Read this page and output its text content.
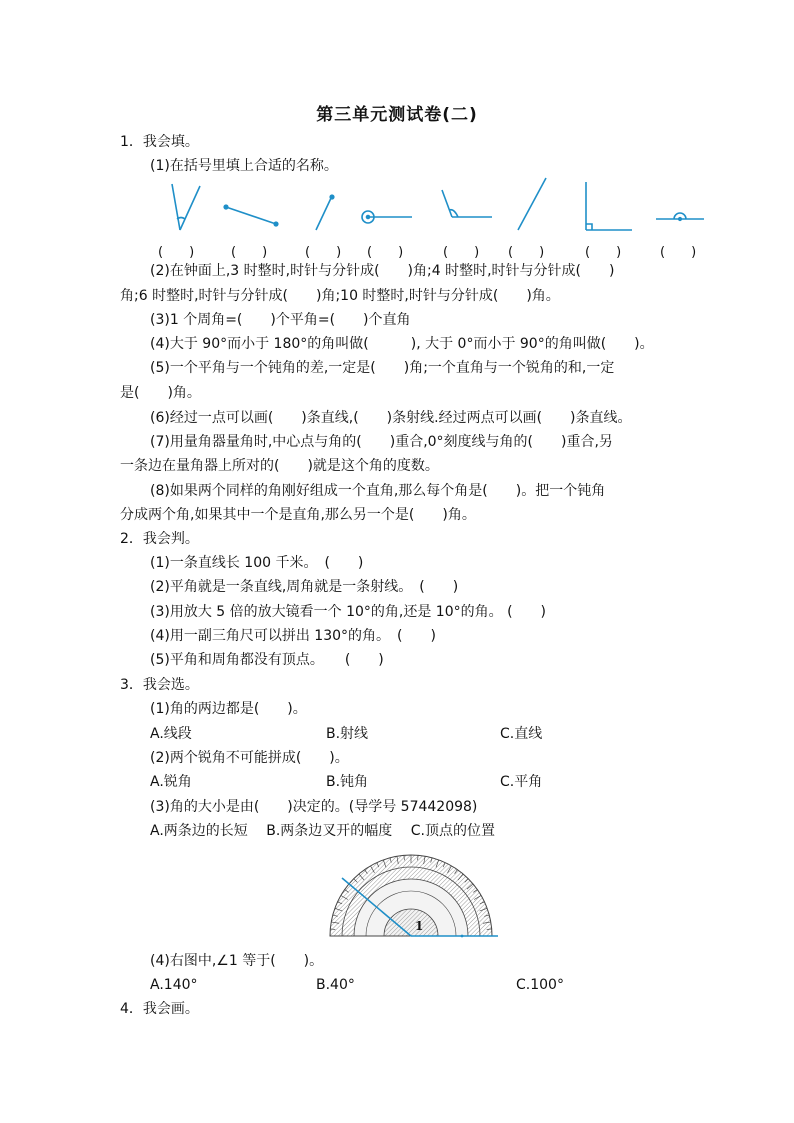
第三单元测试卷(二)
1．我会填。
(1)在括号里填上合适的名称。
(　　)	(　　)	(　　) (　　)	(　　) (　　)	(　　)	(　　)
(2)在钟面上,3 时整时,时针与分针成(　　)角;4 时整时,时针与分针成(　　)
角;6 时整时,时针与分针成(　　)角;10 时整时,时针与分针成(　　)角。
(3)1 个周角=(　　)个平角=(　　)个直角
(4)大于 90°而小于 180°的角叫做(　　　), 大于 0°而小于 90°的角叫做(　　)。
(5)一个平角与一个钝角的差,一定是(　　)角;一个直角与一个锐角的和,一定
是(　　)角。
(6)经过一点可以画(　　)条直线,(　　)条射线.经过两点可以画(　　)条直线。
(7)用量角器量角时,中心点与角的(　　)重合,0°刻度线与角的(　　)重合,另
一条边在量角器上所对的(　　)就是这个角的度数。
(8)如果两个同样的角刚好组成一个直角,那么每个角是(　　)。把一个钝角
分成两个角,如果其中一个是直角,那么另一个是(　　)角。
2．我会判。
(1)一条直线长 100 千米。　(　　)
(2)平角就是一条直线,周角就是一条射线。　(　　)
(3)用放大 5 倍的放大镜看一个 10°的角,还是 10°的角。 (　　)
(4)用一副三角尺可以拼出 130°的角。　(　　)
(5)平角和周角都没有顶点。　　(　　)
3．我会选。
(1)角的两边都是(　　)。
A.线段	B.射线	C.直线
(2)两个锐角不可能拼成(　　)。
A.锐角	B.钝角	C.平角
(3)角的大小是由(　　)决定的。(导学号 57442098)
A.两条边的长短　 B.两条边叉开的幅度　 C.顶点的位置
1
(4)右图中,∠1 等于(　　)。
A.140°	B.40°	C.100°
4．我会画。
